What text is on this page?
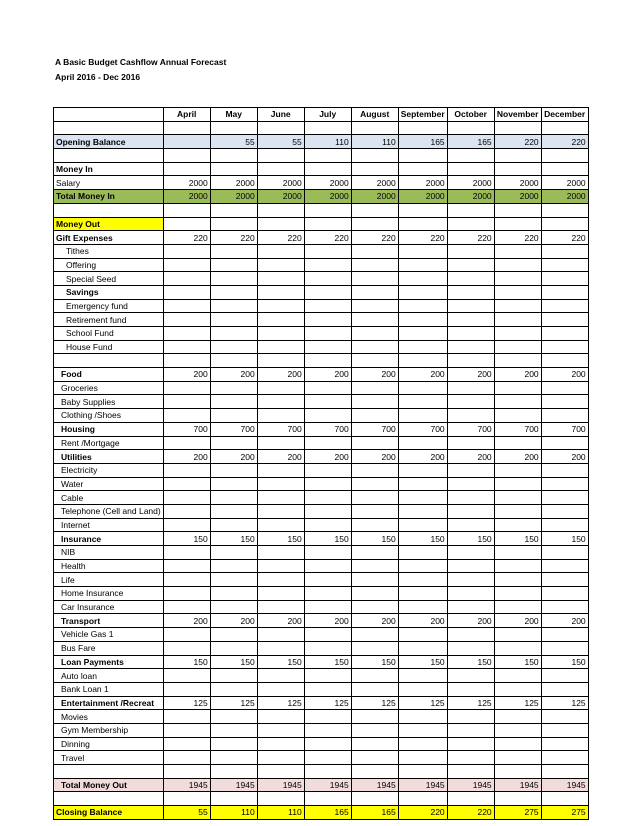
A Basic Budget Cashflow Annual Forecast
April 2016 - Dec 2016
	April	May	June	July	August	September	October	November	December

Opening Balance		55	55	110	110	165	165	220	220

Money In									
Salary	2000	2000	2000	2000	2000	2000	2000	2000	2000
Total Money In	2000	2000	2000	2000	2000	2000	2000	2000	2000

Money Out									
Gift Expenses	220	220	220	220	220	220	220	220	220
Tithes									
Offering									
Special Seed									
Savings									
Emergency fund									
Retirement fund									
School Fund									
House Fund									

Food	200	200	200	200	200	200	200	200	200
Groceries									
Baby Supplies									
Clothing /Shoes									
Housing	700	700	700	700	700	700	700	700	700
Rent /Mortgage									
Utilities	200	200	200	200	200	200	200	200	200
Electricity									
Water									
Cable									
Telephone (Cell and Land)									
Internet									
Insurance	150	150	150	150	150	150	150	150	150
NIB									
Health									
Life									
Home Insurance									
Car Insurance									
Transport	200	200	200	200	200	200	200	200	200
Vehicle Gas 1									
Bus Fare									
Loan Payments	150	150	150	150	150	150	150	150	150
Auto loan									
Bank Loan 1									
Entertainment /Recreat	125	125	125	125	125	125	125	125	125
Movies									
Gym Membership									
Dinning									
Travel									

Total Money Out	1945	1945	1945	1945	1945	1945	1945	1945	1945

Closing Balance	55	110	110	165	165	220	220	275	275
